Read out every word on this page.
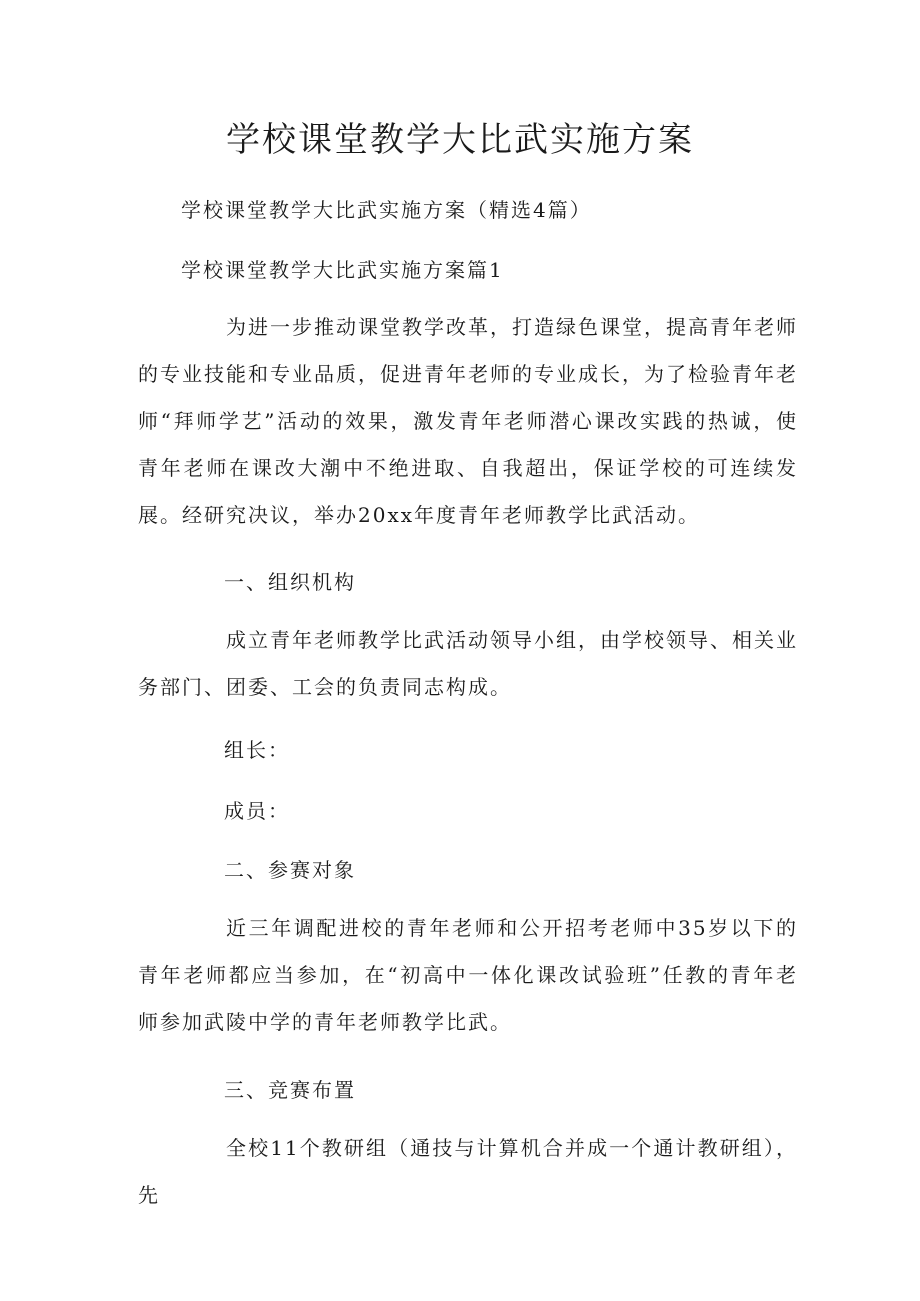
学校课堂教学大比武实施方案
学校课堂教学大比武实施方案（精选4篇）
学校课堂教学大比武实施方案篇1

为进一步推动课堂教学改革，打造绿色课堂，提高青年老师的专业技能和专业品质，促进青年老师的专业成长，为了检验青年老师“拜师学艺”活动的效果，激发青年老师潜心课改实践的热诚，使青年老师在课改大潮中不绝进取、自我超出，保证学校的可连续发展。经研究决议，举办20xx年度青年老师教学比武活动。

一、组织机构

成立青年老师教学比武活动领导小组，由学校领导、相关业务部门、团委、工会的负责同志构成。

组长：
成员：
二、参赛对象

近三年调配进校的青年老师和公开招考老师中35岁以下的青年老师都应当参加，在“初高中一体化课改试验班”任教的青年老师参加武陵中学的青年老师教学比武。

三、竞赛布置

全校11个教研组（通技与计算机合并成一个通计教研组），先
